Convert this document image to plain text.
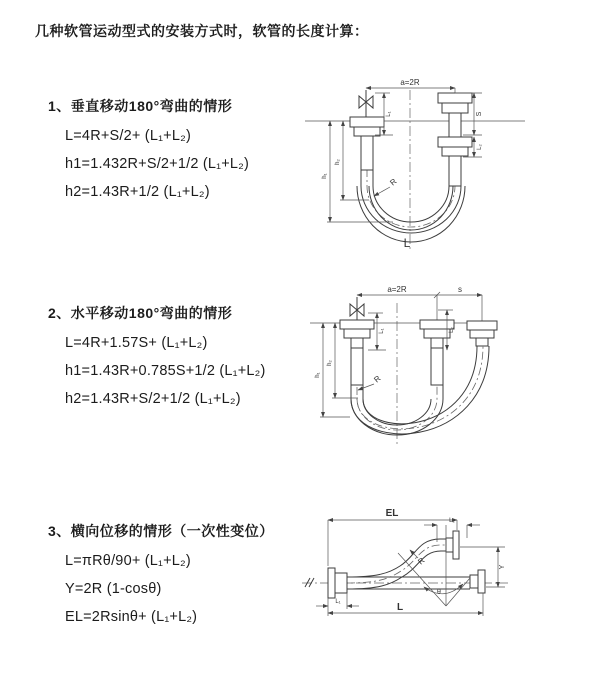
几种软管运动型式的安装方式时，软管的长度计算：
1、垂直移动180°弯曲的情形
L=4R+S/2+ (L₁+L₂)
h1=1.432R+S/2+1/2 (L₁+L₂)
h2=1.43R+1/2 (L₁+L₂)
2、水平移动180°弯曲的情形
L=4R+1.57S+ (L₁+L₂)
h1=1.43R+0.785S+1/2 (L₁+L₂)
h2=1.43R+S/2+1/2 (L₁+L₂)
3、横向位移的情形（一次性变位）
L=πRθ/90+ (L₁+L₂)
Y=2R (1-cosθ)
EL=2Rsinθ+ (L₁+L₂)
a=2R
S
L₂
L₁
h₂
h₁
R
L
a=2R	s
L₁	L₂
h₂
h₁	R
EL
L₂
Y
θ
R
L₁	L
